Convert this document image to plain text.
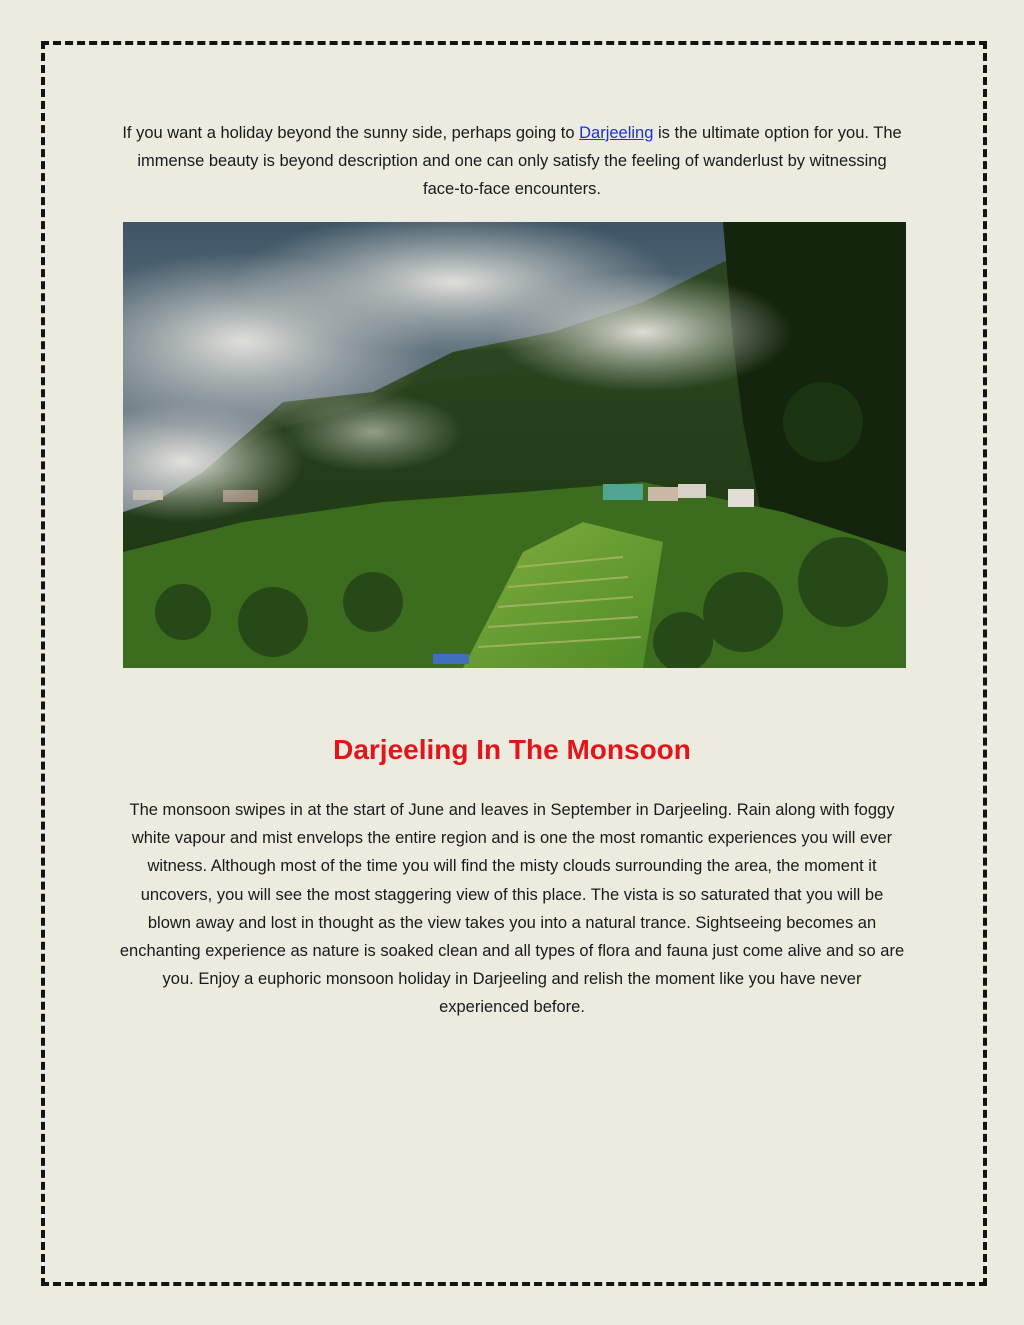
If you want a holiday beyond the sunny side, perhaps going to Darjeeling is the ultimate option for you. The immense beauty is beyond description and one can only satisfy the feeling of wanderlust by witnessing face-to-face encounters.

Darjeeling In The Monsoon

The monsoon swipes in at the start of June and leaves in September in Darjeeling. Rain along with foggy white vapour and mist envelops the entire region and is one the most romantic experiences you will ever witness. Although most of the time you will find the misty clouds surrounding the area, the moment it uncovers, you will see the most staggering view of this place. The vista is so saturated that you will be blown away and lost in thought as the view takes you into a natural trance. Sightseeing becomes an enchanting experience as nature is soaked clean and all types of flora and fauna just come alive and so are you. Enjoy a euphoric monsoon holiday in Darjeeling and relish the moment like you have never experienced before.
